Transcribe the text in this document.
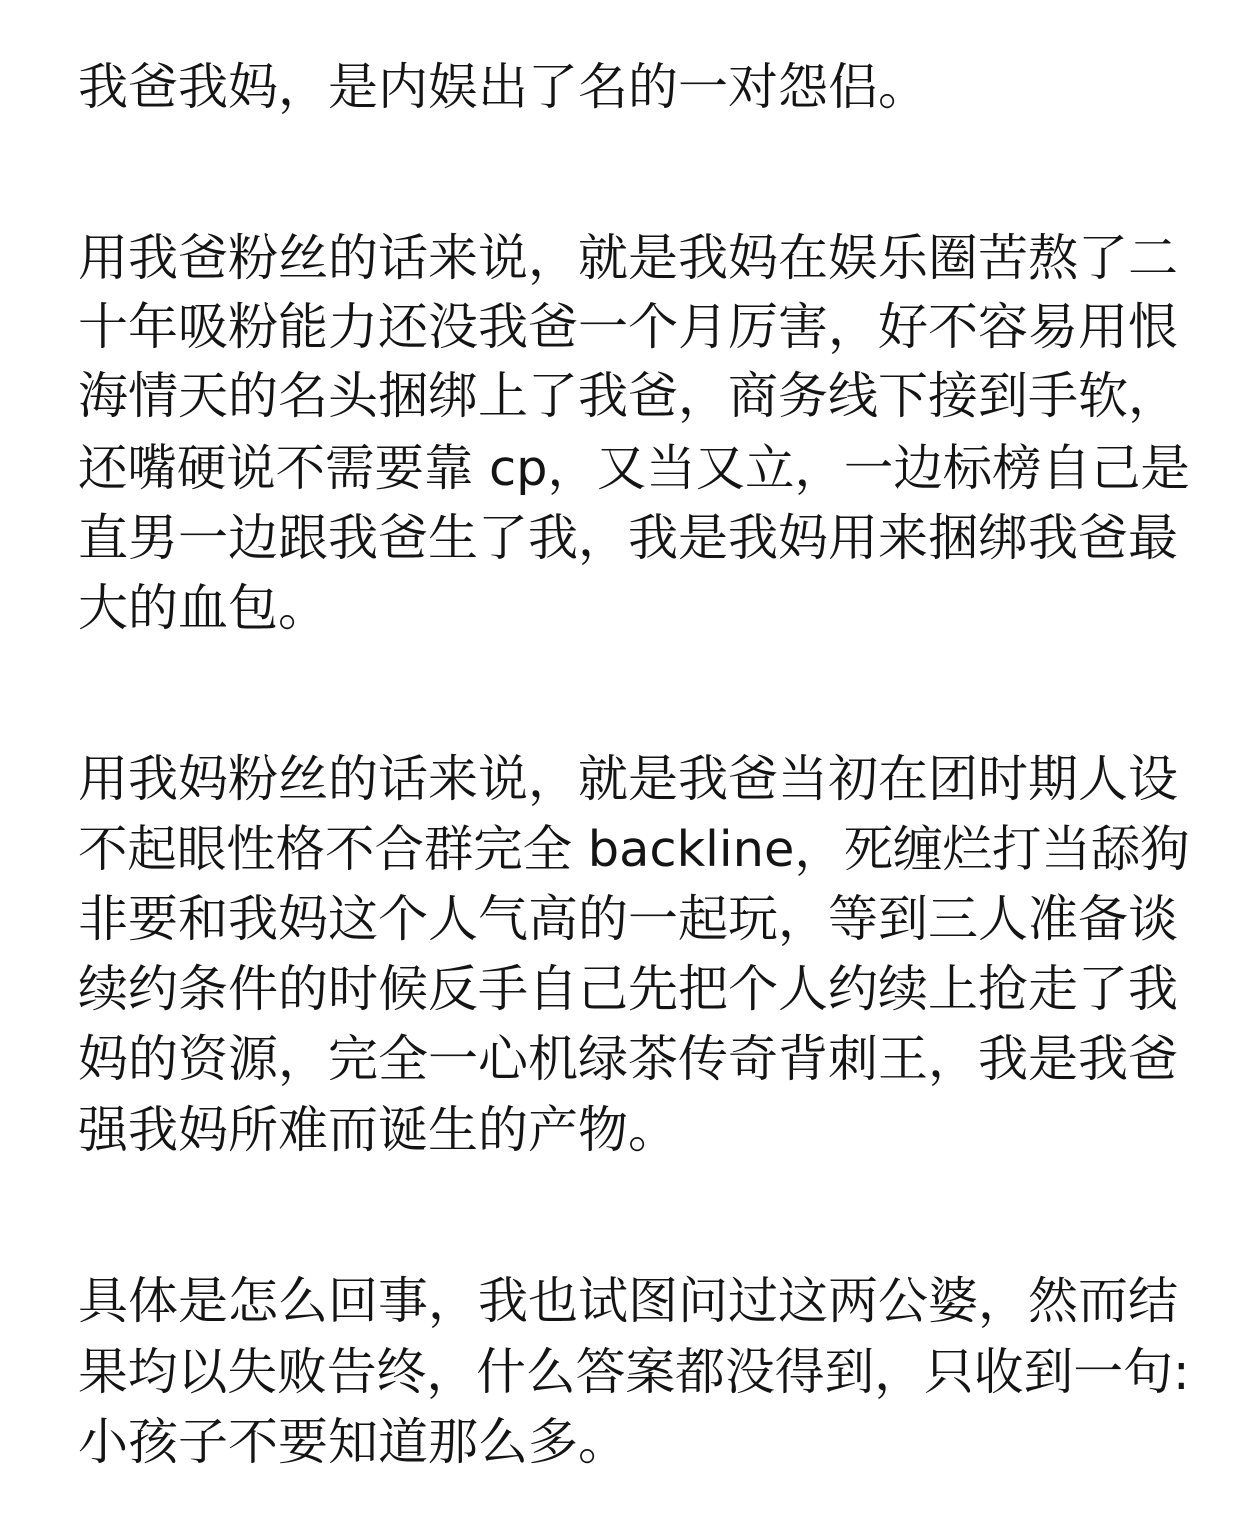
我爸我妈，是内娱出了名的一对怨侣。
用我爸粉丝的话来说，就是我妈在娱乐圈苦熬了二
十年吸粉能力还没我爸一个月厉害，好不容易用恨
海情天的名头捆绑上了我爸，商务线下接到手软，
还嘴硬说不需要靠 cp，又当又立，一边标榜自己是
直男一边跟我爸生了我，我是我妈用来捆绑我爸最
大的血包。
用我妈粉丝的话来说，就是我爸当初在团时期人设
不起眼性格不合群完全 backline，死缠烂打当舔狗
非要和我妈这个人气高的一起玩，等到三人准备谈
续约条件的时候反手自己先把个人约续上抢走了我
妈的资源，完全一心机绿茶传奇背刺王，我是我爸
强我妈所难而诞生的产物。
具体是怎么回事，我也试图问过这两公婆，然而结
果均以失败告终，什么答案都没得到，只收到一句:
小孩子不要知道那么多。
